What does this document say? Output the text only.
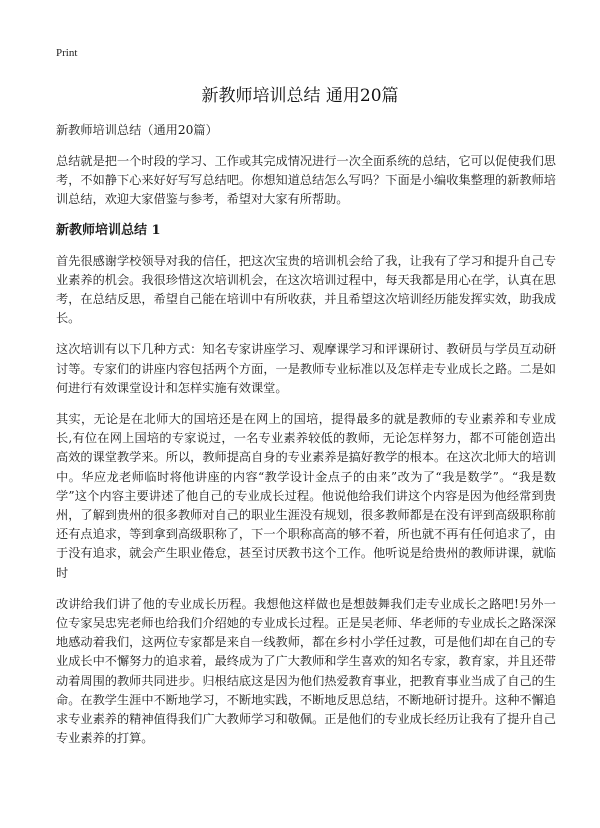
Print
新教师培训总结 通用20篇
新教师培训总结（通用20篇）

总结就是把一个时段的学习、工作或其完成情况进行一次全面系统的总结，它可以促使我们思考，不如静下心来好好写写总结吧。你想知道总结怎么写吗？下面是小编收集整理的新教师培训总结，欢迎大家借鉴与参考，希望对大家有所帮助。

新教师培训总结 1

首先很感谢学校领导对我的信任，把这次宝贵的培训机会给了我，让我有了学习和提升自己专业素养的机会。我很珍惜这次培训机会，在这次培训过程中，每天我都是用心在学，认真在思考，在总结反思，希望自己能在培训中有所收获，并且希望这次培训经历能发挥实效，助我成长。

这次培训有以下几种方式：知名专家讲座学习、观摩课学习和评课研讨、教研员与学员互动研讨等。专家们的讲座内容包括两个方面，一是教师专业标准以及怎样走专业成长之路。二是如何进行有效课堂设计和怎样实施有效课堂。

其实，无论是在北师大的国培还是在网上的国培，提得最多的就是教师的专业素养和专业成长,有位在网上国培的专家说过，一名专业素养较低的教师，无论怎样努力，都不可能创造出高效的课堂教学来。所以，教师提高自身的专业素养是搞好教学的根本。在这次北师大的培训中。华应龙老师临时将他讲座的内容“教学设计金点子的由来”改为了“我是数学”。“我是数学”这个内容主要讲述了他自己的专业成长过程。他说他给我们讲这个内容是因为他经常到贵州，了解到贵州的很多教师对自己的职业生涯没有规划，很多教师都是在没有评到高级职称前还有点追求，等到拿到高级职称了，下一个职称高高的够不着，所也就不再有任何追求了，由于没有追求，就会产生职业倦怠，甚至讨厌教书这个工作。他听说是给贵州的教师讲课，就临时

改讲给我们讲了他的专业成长历程。我想他这样做也是想鼓舞我们走专业成长之路吧!另外一位专家吴忠宪老师也给我们介绍她的专业成长过程。正是吴老师、华老师的专业成长之路深深地感动着我们，这两位专家都是来自一线教师，都在乡村小学任过教，可是他们却在自己的专业成长中不懈努力的追求着，最终成为了广大教师和学生喜欢的知名专家，教育家，并且还带动着周围的教师共同进步。归根结底这是因为他们热爱教育事业，把教育事业当成了自己的生命。在教学生涯中不断地学习，不断地实践，不断地反思总结，不断地研讨提升。这种不懈追求专业素养的精神值得我们广大教师学习和敬佩。正是他们的专业成长经历让我有了提升自己专业素养的打算。
